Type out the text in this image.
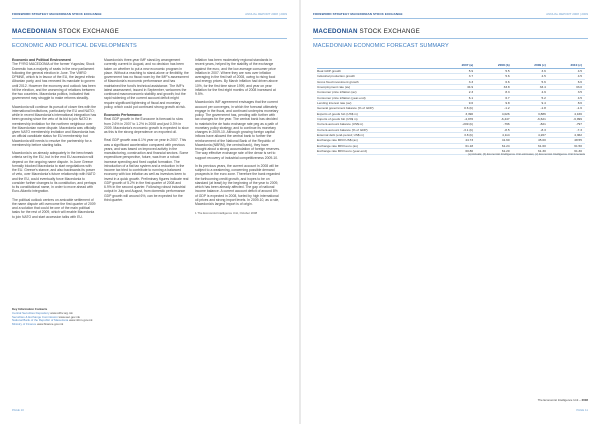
FOREWORD STRATEGY MACEDONIAN STOCK EXCHANGE	ANNUAL REPORT 2008 | 2009
MACEDONIAN STOCK EXCHANGE
ECONOMIC AND POLITICAL DEVELOPMENTS

Economic and Political Environment
The FYRO MACEDONIA of the former Yugoslav, Stock Domestic has a majority of seats in the new parliament following the general election in June. The VMRO DPMNE, which is in favour of the EU, the largest ethnic Albanian party, and has renewed its mandate to govern until 2012. However the economy and outlook has been hit the election, and the worsening of relations between the two countries. Macedonia politics, indicated that government may struggle to make reforms steadily.

Macedonia will continue its pursuit of closer ties with the international institutions, particularly the EU and NATO; while in recent Macedonia's international integration has been growing since the veto of its bid to join NATO in membership invitation for the northern neighbour over the Macedonian name dispute. Macedonia was officially given NATO membership invitation and Macedonia has an official candidate status for EU membership but Macedonia still needs to resolve the partnership for a membership before starting talks.

Macedonia is an already adequately in the benchmark criteria set by the EU, but in the end EU accession will depend on the ongoing name dispute. In June Greece formally blocked Macedonia to start negotiations with the EU. Greece's stance, and also backwards its power of veto, over Macedonia's future relationship with NATO and the EU, could eventually force Macedonia to consider further changes to its constitution, and perhaps to its constitutional name, in order to move ahead with Euro-Atlantic integration.

The political outlook centres on amicable settlement of the name dispute will overcome the first quarter of 2009 and a solution that could be one of the main political tasks for the rest of 2009, which will enable Macedonia to join NATO and start accession talks with EU.

Macedonia's three-year IMF stand-by arrangement currently current in August, and no decision has been taken on whether to put a new economic program in place. Without a reaching to stand-alone or flexibility, the government has no fiscal room by the IMF's assessment of Macedonia's economic performance and has maintained the fund's technical assistance. The IMF's latest assessment, issued in September, welcomes the continued macroeconomic stability and growth; but the rapid widening of the current account deficit might require significant tightening of fiscal and monetary policy, which could put continued strong growth at risk.

Economic Performance
Real GDP growth in the Eurozone is forecast to slow from 2.6% in 2007 to 1.2% in 2008 and just 0.3% in 2009. Macedonia's economic growth is expected to slow as this is the strong dependence on exported oil.

Real GDP growth was 6.1% year on year in 2007. This was a significant acceleration compared with previous years, and was based on improved activity in the manufacturing, construction and financial sectors. Some expenditure perspective, future, was from a robust increase spending and fixed capital formation. The introduction of a flat tax system and a reduction in the income tax tried to contribute to running a balanced economy with low inflation as well as investors keen to invest in a quick growth. Preliminary figures indicate real GDP growth of 5.2% in the first quarter of 2008 and 6.9% in the second quarter. Following robust industrial output in July and August, from domestic performance GDP growth will around 6%, can be expected for the third quarter.

Inflation has been moderately regional standards in recent years, helped by the stability of the exchange against the euro, and the low average consumer price inflation in 2007. Where they are now over inflation averaging in the first half of 2008, owing to rising food and energy prices. By March inflation had driven above 10%, for the first time since 1999, and year on year inflation for the first eight months of 2008 increased at 9.5%.

Macedonia's IMF agreement envisages that the current account per converges, in which the forecast ultimately engage in the fiscal, and continued underpins monetary policy. The government has, pending with further with tax changes for the year. The central bank has decided to maintain the de facto exchange rate peg as a path of monetary policy strategy, and to continue its monetary changes in 2009-10. Although growing foreign capital inflows have allowed the central bank to further the reinforcement of the National Bank of the Republic of Macedonia (NBRM), the central bank), they have brought about a strong accumulation of foreign reserves. The way effective exchange rate of the denar is set to support recovery of industrial competitiveness 2009-10.

In its previous years, the current account in 2008 will be subject to a weakening, concerning possible demand prospects in the euro zone. Therefore the bank regarded the forthcoming credit growth, and hopes to be on standard (at least) by the beginning of the year to 2009, which has been already affected. The gap of national income balance. A current account deficit of around 8% of GDP is expected in 2008, fueled by high international oil prices and strong import levels. In 2009-10, as a rule, Macedonia's largest import is of origin.

1 The Economist Intelligence Unit, October 2008
Key Information Contacts
Central Securities Depository www.cdhv.org.mk
Securities & Exchange Commission www.sec.gov.mk
National Bank of the Republic of Macedonia www.nbrm.gov.mk
Ministry of Finance www.finance.gov.mk
PAGE 10
FOREWORD STRATEGY MACEDONIAN STOCK EXCHANGE	ANNUAL REPORT 2008 | 2009
MACEDONIAN STOCK EXCHANGE
MACEDONIAN ECONOMIC FORECAST SUMMARY
	2007 (a)	2008 (b)	2009 (c)	2010 (c)
Real GDP growth	5.9	5.5	3.6	4.5
Industrial production growth	3.7	5.6	4.5	4.5
Gross fixed investment growth	3.3	6.6	5.6	6.6
Unemployment rate (av)	34.9	33.8	33.4	33.0
Consumer price inflation (av)	2.3	8.3	4.9	3.5
Consumer price inflation (year-end)	6.1	6.7	5.2	4.5
Lending interest rate (av)	9.6	9.8	9.4	8.6
General government balance (% of GDP)	0.6 (b)	-1.2	-1.8	-1.6
Exports of goods fob (US$ m)	3,390	4,026	3,886	4,166
Imports of goods fob (US$ m)	-4,976	-6,447	-6,621	-6,999
Current-account balance (US$ m)	-209 (b)	-796	-821	-797
Current-account balance (% of GDP)	-3.1 (b)	-8.5	-8.3	-7.3
External debt (end-period; US$ m)	3.8 (b)	4,114	4,267	4,362
Exchange rate MKD:US$ (av)	44.73	41.60	45.00	48.55
Exchange rate MKD:euro (av)	61.18	61.24	61.60	61.50
Exchange rate MKD:euro (year-end)	60.80	61.20	61.30	61.30
(a) Actuals; (b) Economist Intelligence Unit estimates; (c) Economist Intelligence Unit forecasts
The Economist Intelligence Unit – 2008
PAGE 11
